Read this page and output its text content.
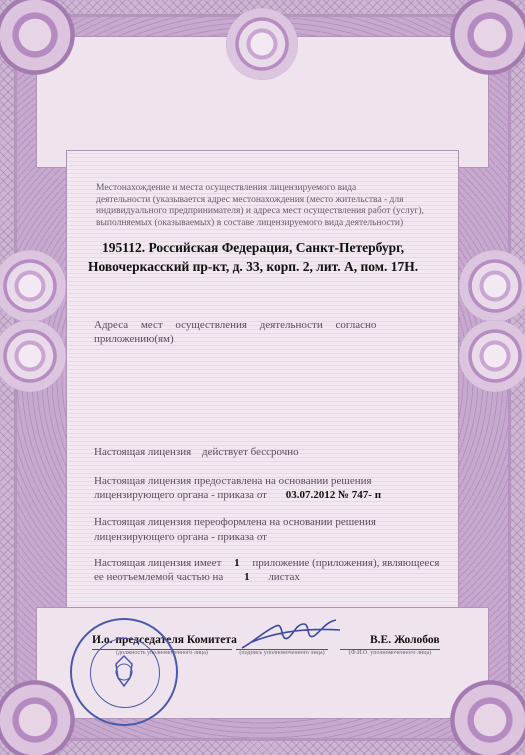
Местонахождение и места осуществления лицензируемого вида
деятельности (указывается адрес местонахождения (место жительства - для
индивидуального предпринимателя) и адреса мест осуществления работ (услуг),
выполняемых (оказываемых) в составе лицензируемого вида деятельности)
195112. Российская Федерация, Санкт-Петербург,
Новочеркасский пр-кт, д. 33, корп. 2, лит. А, пом. 17Н.
Адреса мест осуществления деятельности согласно
приложению(ям)
Настоящая лицензия действует бессрочно
Настоящая лицензия предоставлена на основании решения
лицензирующего органа - приказа от 03.07.2012 № 747- п
Настоящая лицензия переоформлена на основании решения
лицензирующего органа - приказа от
Настоящая лицензия имеет 1 приложение (приложения), являющееся
ее неотъемлемой частью на 1 листах
И.о. председателя Комитета
(должность уполномоченного лица)	(подпись уполномоченного лица)
В.Е. Жолобов
(Ф.И.О. уполномоченного лица)
